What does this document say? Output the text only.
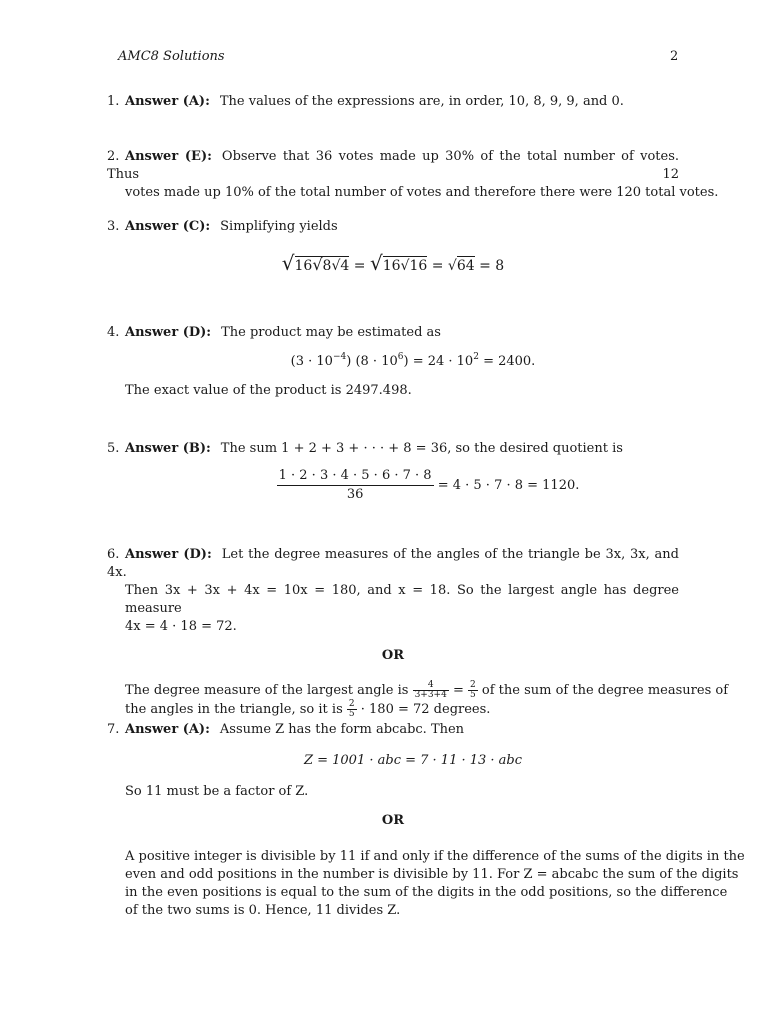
AMC8 Solutions	2
1. Answer (A): The values of the expressions are, in order, 10, 8, 9, 9, and 0.
2. Answer (E): Observe that 36 votes made up 30% of the total number of votes. Thus 12
votes made up 10% of the total number of votes and therefore there were 120 total votes.
3. Answer (C): Simplifying yields
√16√8√4 = √16√16 = √64 = 8
4. Answer (D): The product may be estimated as
$(3 \cdot 10^{-4})$ $(8 \cdot 10^6) = 24 \cdot 10^2 = 2400$.
The exact value of the product is 2497.498.
5. Answer (B): The sum 1 + 2 + 3 + · · · + 8 = 36, so the desired quotient is
$\frac{1 \cdot 2 \cdot 3 \cdot 4 \cdot 5 \cdot 6 \cdot 7 \cdot 8}{36} = 4 \cdot 5 \cdot 7 \cdot 8 = 1120$.
6. Answer (D): Let the degree measures of the angles of the triangle be 3x, 3x, and 4x.
Then 3x + 3x + 4x = 10x = 180, and x = 18. So the largest angle has degree measure
4x = 4 · 18 = 72.
OR
The degree measure of the largest angle is $\frac{4}{3+3+4} = \frac{2}{5}$ of the sum of the degree measures of
the angles in the triangle, so it is $\frac{2}{5} \cdot 180 = 72$ degrees.
7. Answer (A): Assume Z has the form abcabc. Then
Z = 1001 · abc = 7 · 11 · 13 · abc
So 11 must be a factor of Z.
OR
A positive integer is divisible by 11 if and only if the difference of the sums of the digits in the
even and odd positions in the number is divisible by 11. For Z = abcabc the sum of the digits
in the even positions is equal to the sum of the digits in the odd positions, so the difference
of the two sums is 0. Hence, 11 divides Z.
